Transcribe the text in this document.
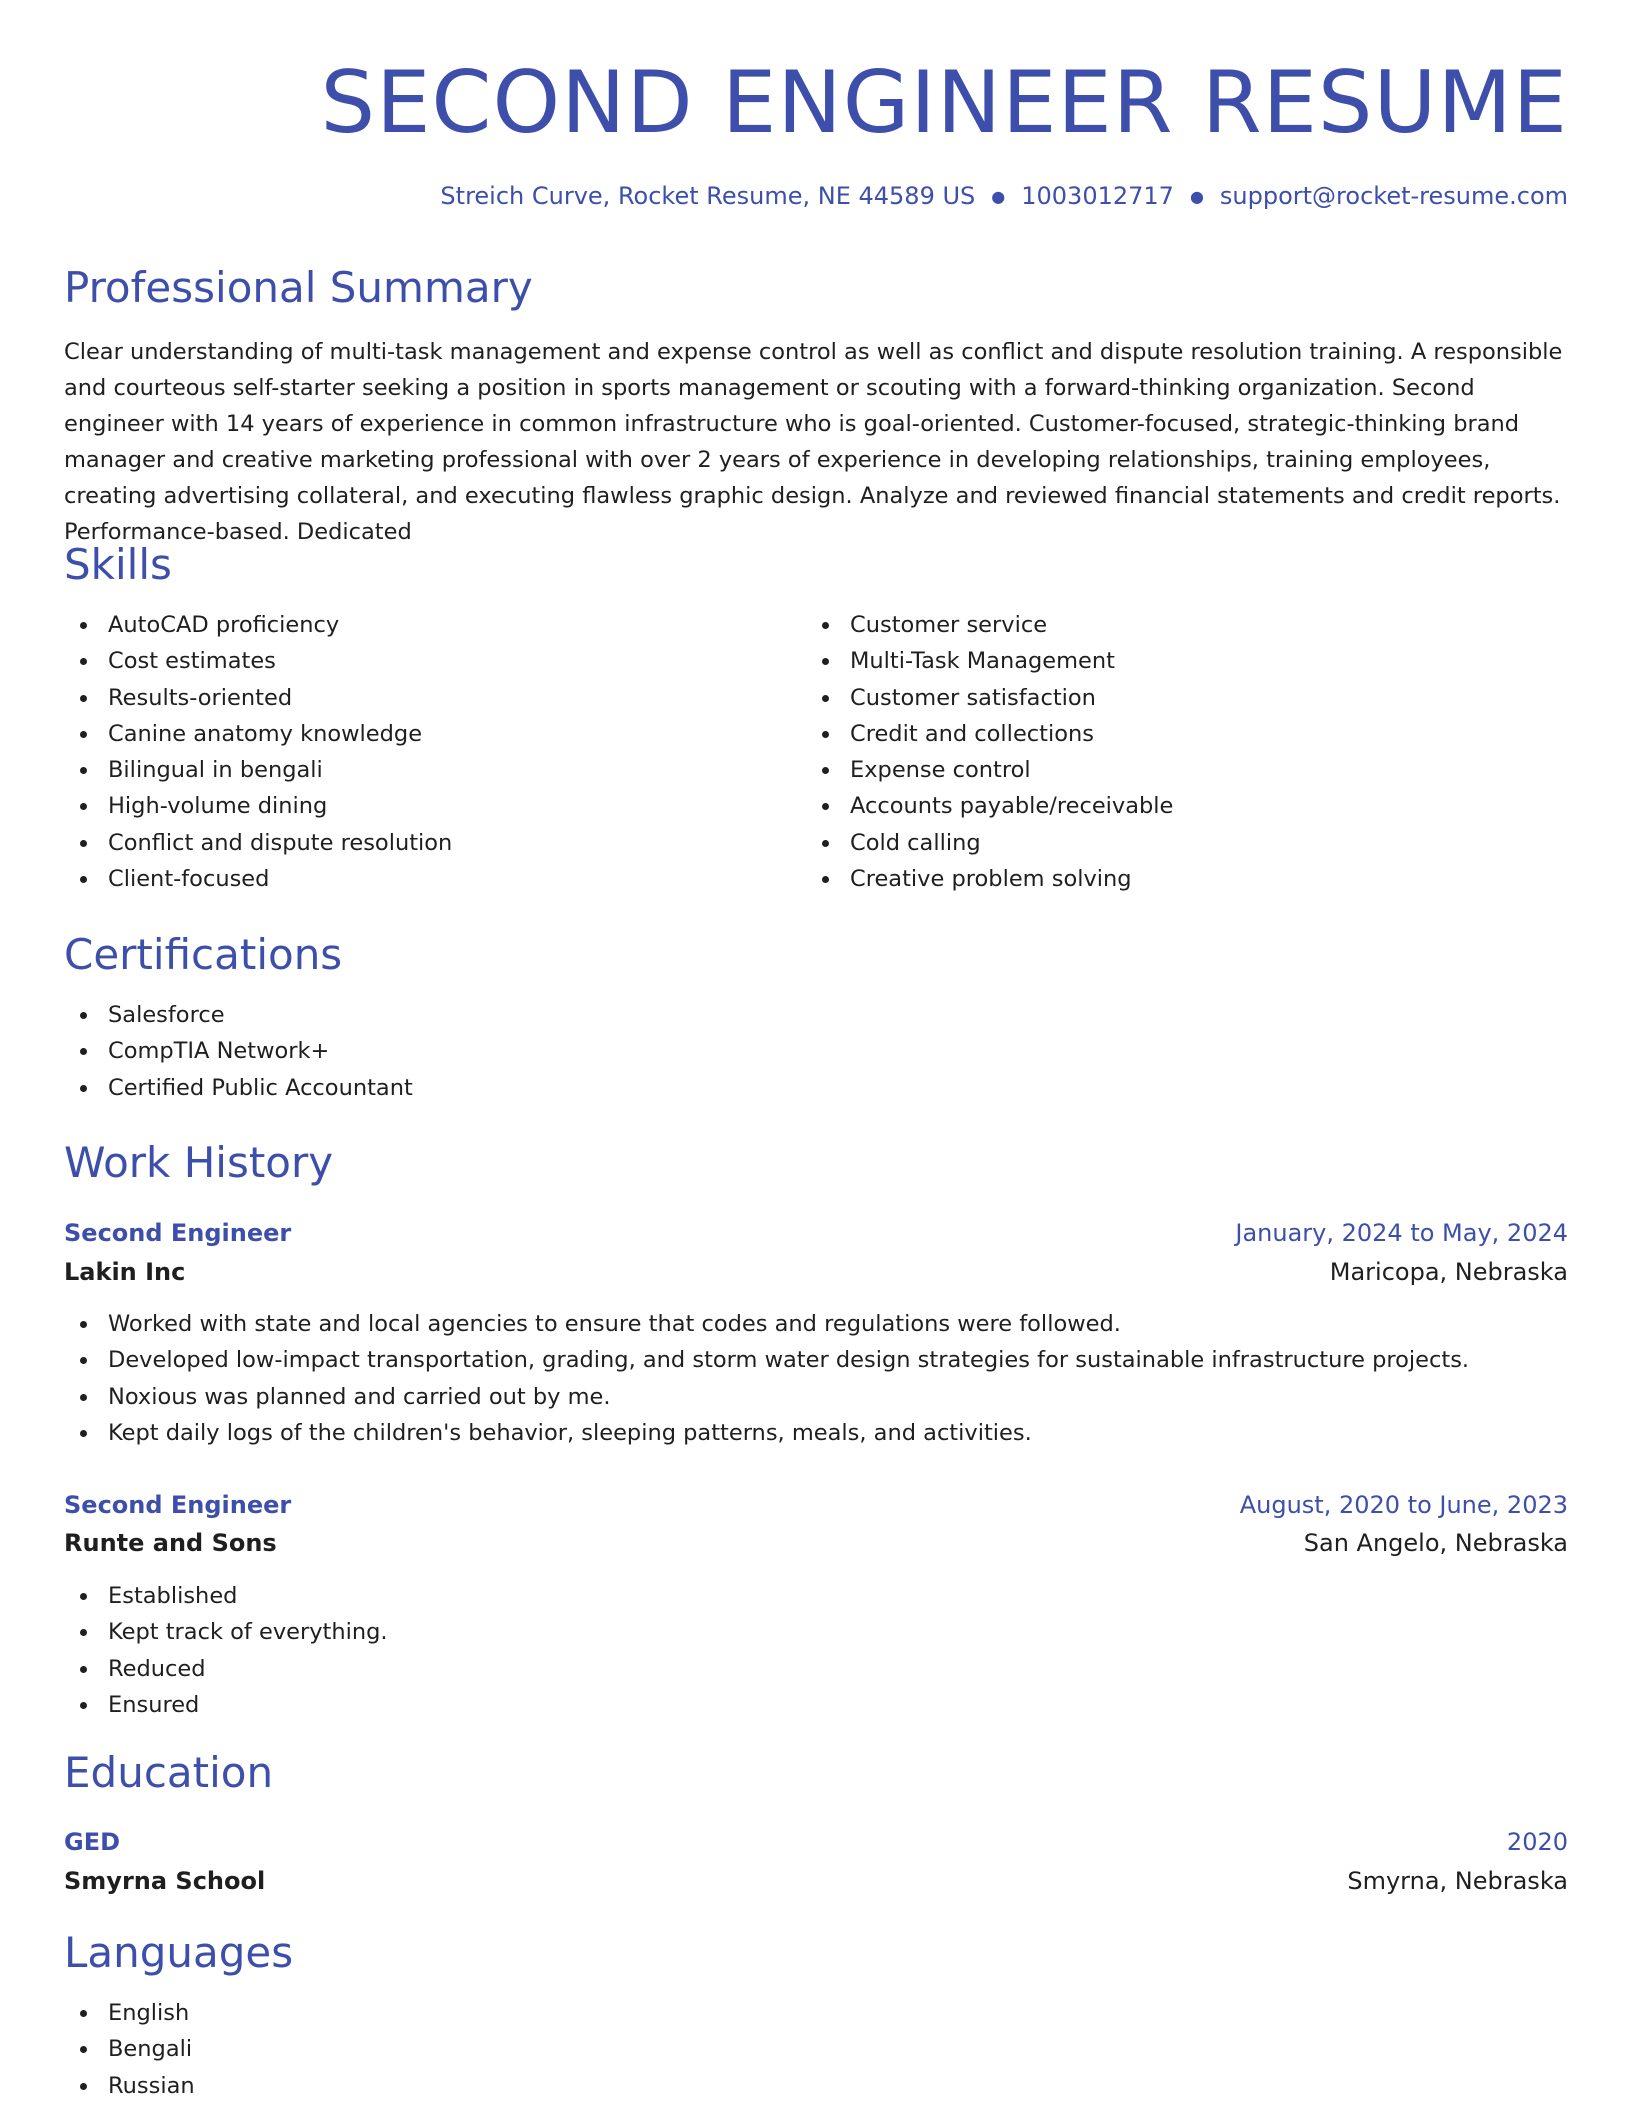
SECOND ENGINEER RESUME
Streich Curve, Rocket Resume, NE 44589 US ● 1003012717 ● support@rocket-resume.com
Professional Summary

Clear understanding of multi-task management and expense control as well as conflict and dispute resolution training. A responsible and courteous self-starter seeking a position in sports management or scouting with a forward-thinking organization. Second engineer with 14 years of experience in common infrastructure who is goal-oriented. Customer-focused, strategic-thinking brand manager and creative marketing professional with over 2 years of experience in developing relationships, training employees, creating advertising collateral, and executing flawless graphic design. Analyze and reviewed financial statements and credit reports. Performance-based. Dedicated

Skills
AutoCAD proficiency
Cost estimates
Results-oriented
Canine anatomy knowledge
Bilingual in bengali
High-volume dining
Conflict and dispute resolution
Client-focused
Customer service
Multi-Task Management
Customer satisfaction
Credit and collections
Expense control
Accounts payable/receivable
Cold calling
Creative problem solving
Certifications
Salesforce
CompTIA Network+
Certified Public Accountant
Work History
Second Engineer	January, 2024 to May, 2024
Lakin Inc	Maricopa, Nebraska
Worked with state and local agencies to ensure that codes and regulations were followed.
Developed low-impact transportation, grading, and storm water design strategies for sustainable infrastructure projects.
Noxious was planned and carried out by me.
Kept daily logs of the children's behavior, sleeping patterns, meals, and activities.
Second Engineer	August, 2020 to June, 2023
Runte and Sons	San Angelo, Nebraska
Established
Kept track of everything.
Reduced
Ensured
Education
GED	2020
Smyrna School	Smyrna, Nebraska
Languages
English
Bengali
Russian
